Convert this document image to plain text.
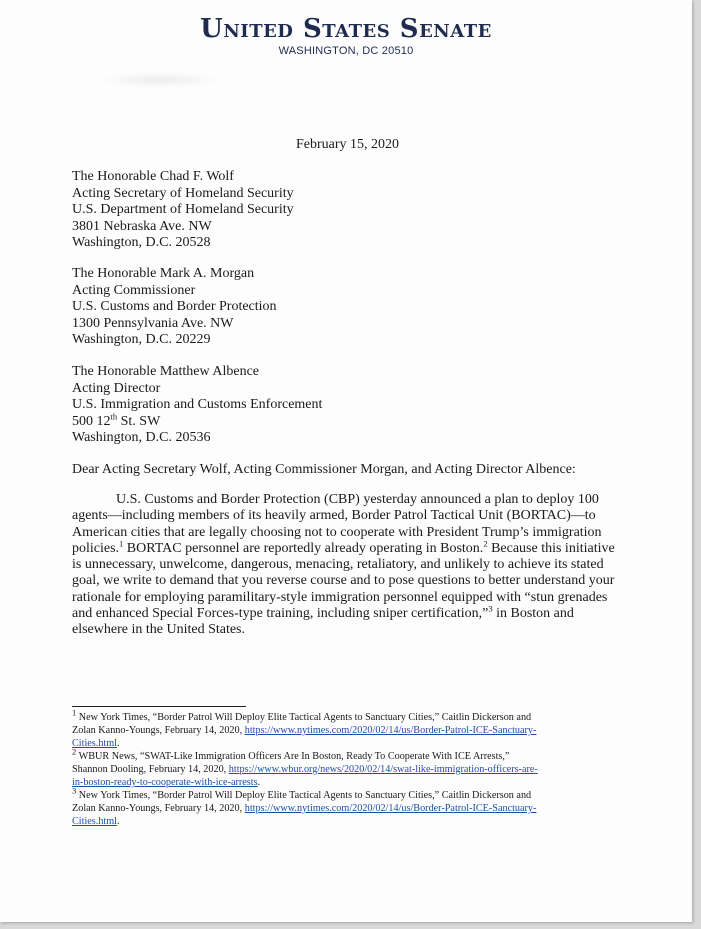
United States Senate
WASHINGTON, DC 20510
February 15, 2020
The Honorable Chad F. Wolf
Acting Secretary of Homeland Security
U.S. Department of Homeland Security
3801 Nebraska Ave. NW
Washington, D.C. 20528
The Honorable Mark A. Morgan
Acting Commissioner
U.S. Customs and Border Protection
1300 Pennsylvania Ave. NW
Washington, D.C. 20229
The Honorable Matthew Albence
Acting Director
U.S. Immigration and Customs Enforcement
500 12th St. SW
Washington, D.C. 20536
Dear Acting Secretary Wolf, Acting Commissioner Morgan, and Acting Director Albence:
U.S. Customs and Border Protection (CBP) yesterday announced a plan to deploy 100
agents—including members of its heavily armed, Border Patrol Tactical Unit (BORTAC)—to
American cities that are legally choosing not to cooperate with President Trump’s immigration
policies.$^1$ BORTAC personnel are reportedly already operating in Boston.$^2$ Because this initiative
is unnecessary, unwelcome, dangerous, menacing, retaliatory, and unlikely to achieve its stated
goal, we write to demand that you reverse course and to pose questions to better understand your
rationale for employing paramilitary-style immigration personnel equipped with “stun grenades
and enhanced Special Forces-type training, including sniper certification,”$^3$ in Boston and
elsewhere in the United States.
$^1$ New York Times, “Border Patrol Will Deploy Elite Tactical Agents to Sanctuary Cities,” Caitlin Dickerson and
Zolan Kanno-Youngs, February 14, 2020, https://www.nytimes.com/2020/02/14/us/Border-Patrol-ICE-Sanctuary-
Cities.html.
$^2$ WBUR News, “SWAT-Like Immigration Officers Are In Boston, Ready To Cooperate With ICE Arrests,”
Shannon Dooling, February 14, 2020, https://www.wbur.org/news/2020/02/14/swat-like-immigration-officers-are-
in-boston-ready-to-cooperate-with-ice-arrests.
$^3$ New York Times, “Border Patrol Will Deploy Elite Tactical Agents to Sanctuary Cities,” Caitlin Dickerson and
Zolan Kanno-Youngs, February 14, 2020, https://www.nytimes.com/2020/02/14/us/Border-Patrol-ICE-Sanctuary-
Cities.html.
